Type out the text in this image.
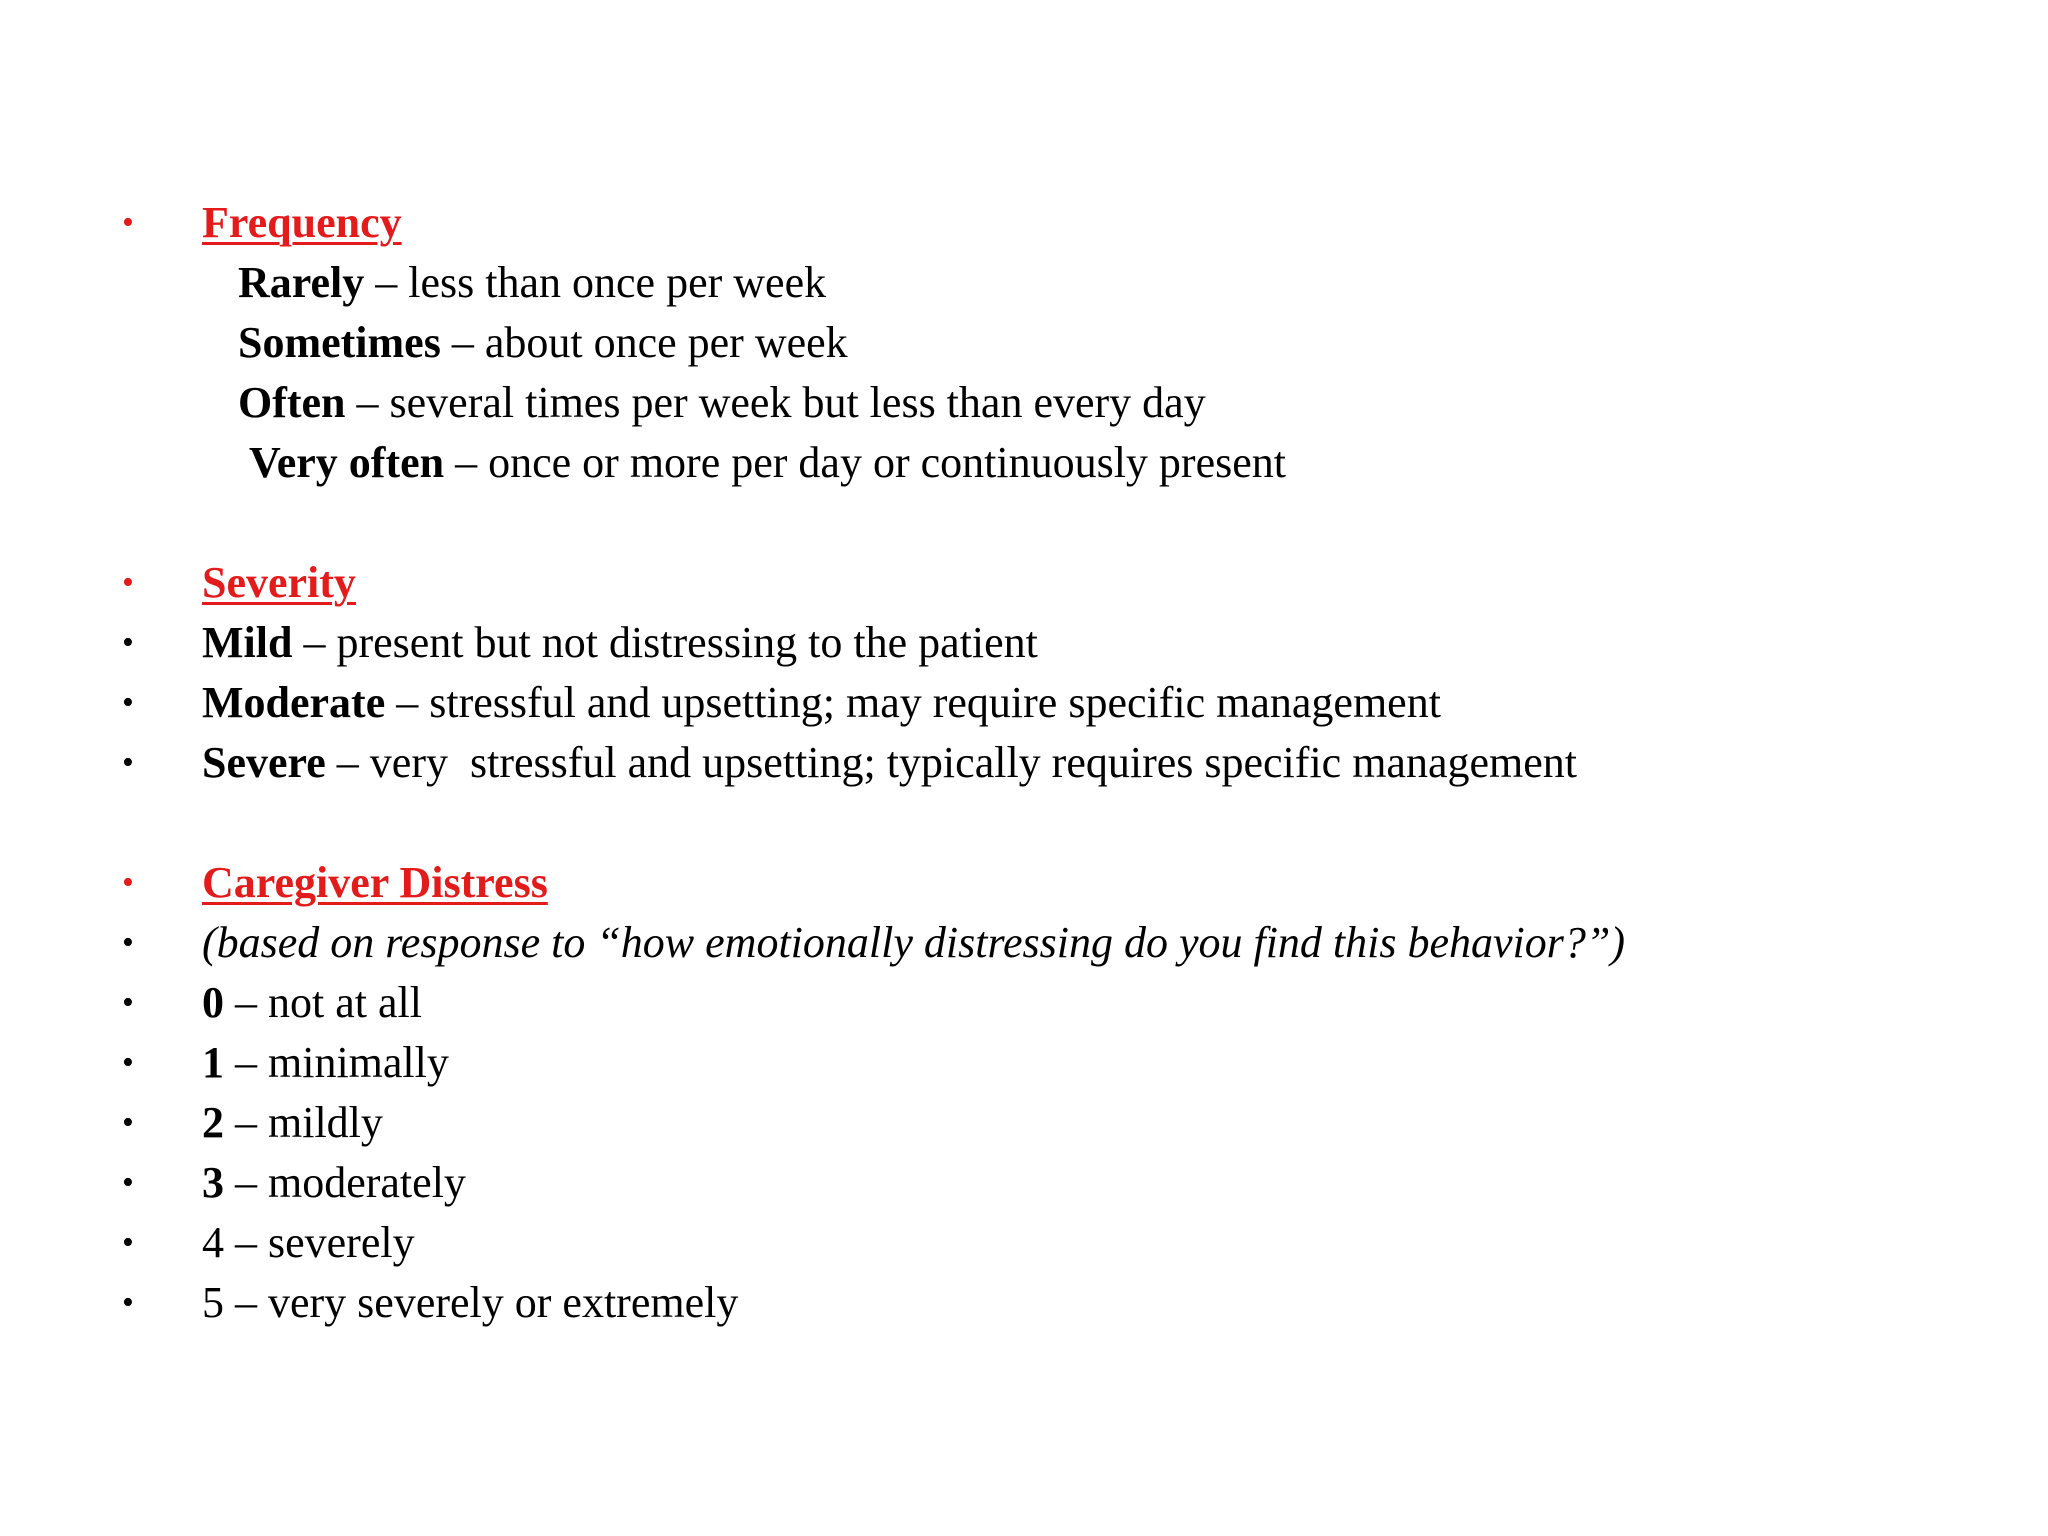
• Frequency
Rarely – less than once per week
Sometimes – about once per week
Often – several times per week but less than every day
Very often – once or more per day or continuously present
• Severity
• Mild – present but not distressing to the patient
• Moderate – stressful and upsetting; may require specific management
• Severe – very  stressful and upsetting; typically requires specific management
• Caregiver Distress
• (based on response to “how emotionally distressing do you find this behavior?”)
• 0 – not at all
• 1 – minimally
• 2 – mildly
• 3 – moderately
• 4 – severely
• 5 – very severely or extremely
